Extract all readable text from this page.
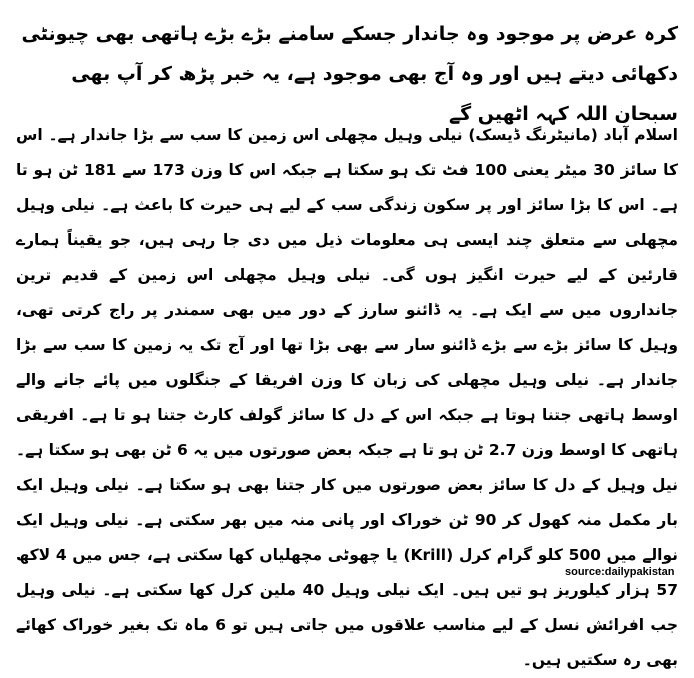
کرہ عرض پر موجود وہ جاندار جسکے سامنے بڑے بڑے ہاتھی بھی چیونٹی دکھائی دیتے ہیں اور وہ آج بھی موجود ہے، یہ خبر پڑھ کر آپ بھی سبحان اللہ کہہ اٹھیں گے
اسلام آباد (مانیٹرنگ ڈیسک) نیلی وہیل مچھلی اس زمین کا سب سے بڑا جاندار ہے۔ اس کا سائز 30 میٹر یعنی 100 فٹ تک ہو سکتا ہے جبکہ اس کا وزن 173 سے 181 ٹن ہو تا ہے۔ اس کا بڑا سائز اور پر سکون زندگی سب کے لیے ہی حیرت کا باعث ہے۔ نیلی وہیل مچھلی سے متعلق چند ایسی ہی معلومات ذیل میں دی جا رہی ہیں، جو یقیناً ہمارے قارئین کے لیے حیرت انگیز ہوں گی۔ نیلی وہیل مچھلی اس زمین کے قدیم ترین جانداروں میں سے ایک ہے۔ یہ ڈائنو سارز کے دور میں بھی سمندر پر راج کرتی تھی، وہیل کا سائز بڑے سے بڑے ڈائنو سار سے بھی بڑا تھا اور آج تک یہ زمین کا سب سے بڑا جاندار ہے۔ نیلی وہیل مچھلی کی زبان کا وزن افریقا کے جنگلوں میں پائے جانے والے اوسط ہاتھی جتنا ہوتا ہے جبکہ اس کے دل کا سائز گولف کارٹ جتنا ہو تا ہے۔ افریقی ہاتھی کا اوسط وزن 2.7 ٹن ہو تا ہے جبکہ بعض صورتوں میں یہ 6 ٹن بھی ہو سکتا ہے۔ نیل وہیل کے دل کا سائز بعض صورتوں میں کار جتنا بھی ہو سکتا ہے۔ نیلی وہیل ایک بار مکمل منہ کھول کر 90 ٹن خوراک اور پانی منہ میں بھر سکتی ہے۔ نیلی وہیل ایک نوالے میں 500 کلو گرام کرل (Krill) یا چھوٹی مچھلیاں کھا سکتی ہے، جس میں 4 لاکھ 57 ہزار کیلوریز ہو تیں ہیں۔ ایک نیلی وہیل 40 ملین کرل کھا سکتی ہے۔ نیلی وہیل جب افرائش نسل کے لیے مناسب علاقوں میں جاتی ہیں تو 6 ماہ تک بغیر خوراک کھائے بھی رہ سکتیں ہیں۔
source:dailypakistan
